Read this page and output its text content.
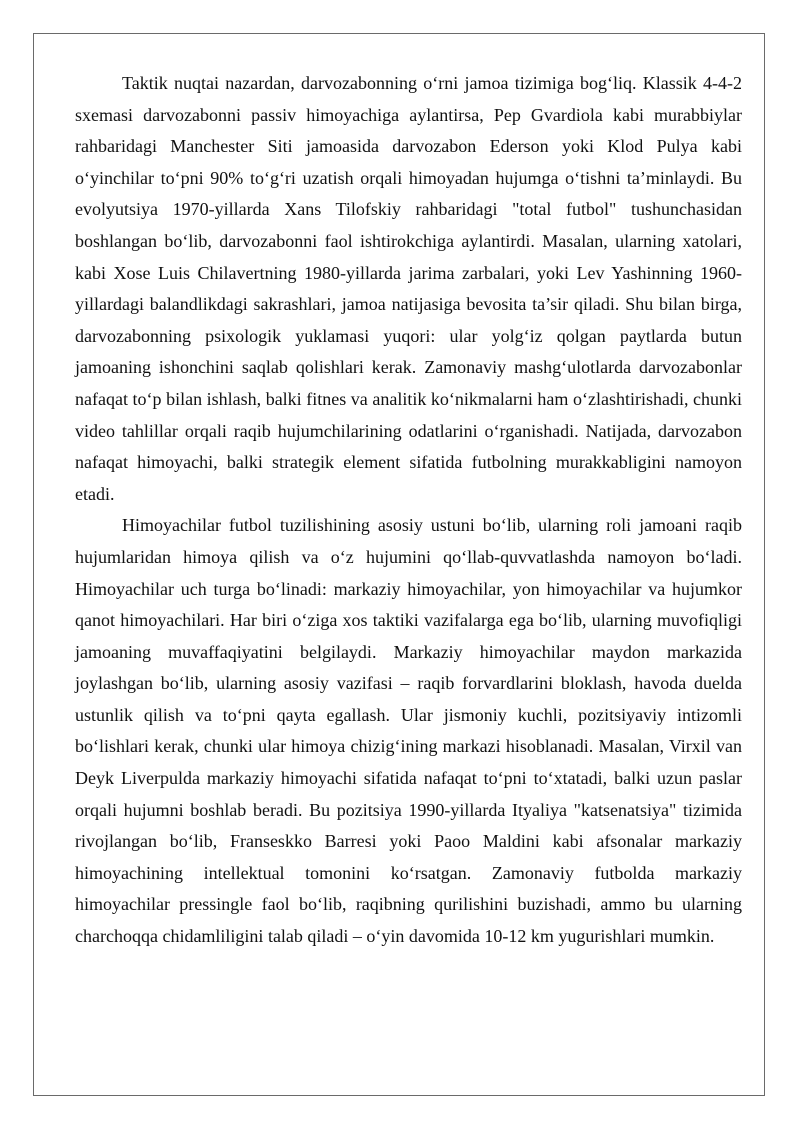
Taktik nuqtai nazardan, darvozabonning o‘rni jamoa tizimiga bog‘liq. Klassik 4-4-2 sxemasi darvozabonni passiv himoyachiga aylantirsa, Pep Gvardiola kabi murabbiylar rahbaridagi Manchester Siti jamoasida darvozabon Ederson yoki Klod Pulya kabi o‘yinchilar to‘pni 90% to‘g‘ri uzatish orqali himoyadan hujumga o‘tishni ta’minlaydi. Bu evolyutsiya 1970-yillarda Xans Tilofskiy rahbaridagi "total futbol" tushunchasidan boshlangan bo‘lib, darvozabonni faol ishtirokchiga aylantirdi. Masalan, ularning xatolari, kabi Xose Luis Chilavertning 1980-yillarda jarima zarbalari, yoki Lev Yashinning 1960-yillardagi balandlikdagi sakrashlari, jamoa natijasiga bevosita ta’sir qiladi. Shu bilan birga, darvozabonning psixologik yuklamasi yuqori: ular yolg‘iz qolgan paytlarda butun jamoaning ishonchini saqlab qolishlari kerak. Zamonaviy mashg‘ulotlarda darvozabonlar nafaqat to‘p bilan ishlash, balki fitnes va analitik ko‘nikmalarni ham o‘zlashtirishadi, chunki video tahlillar orqali raqib hujumchilarining odatlarini o‘rganishadi. Natijada, darvozabon nafaqat himoyachi, balki strategik element sifatida futbolning murakkabligini namoyon etadi.

Himoyachilar futbol tuzilishining asosiy ustuni bo‘lib, ularning roli jamoani raqib hujumlaridan himoya qilish va o‘z hujumini qo‘llab-quvvatlashda namoyon bo‘ladi. Himoyachilar uch turga bo‘linadi: markaziy himoyachilar, yon himoyachilar va hujumkor qanot himoyachilari. Har biri o‘ziga xos taktiki vazifalarga ega bo‘lib, ularning muvofiqligi jamoaning muvaffaqiyatini belgilaydi. Markaziy himoyachilar maydon markazida joylashgan bo‘lib, ularning asosiy vazifasi – raqib forvardlarini bloklash, havoda duelda ustunlik qilish va to‘pni qayta egallash. Ular jismoniy kuchli, pozitsiyaviy intizomli bo‘lishlari kerak, chunki ular himoya chizig‘ining markazi hisoblanadi. Masalan, Virxil van Deyk Liverpulda markaziy himoyachi sifatida nafaqat to‘pni to‘xtatadi, balki uzun paslar orqali hujumni boshlab beradi. Bu pozitsiya 1990-yillarda Ityaliya "katsenatsiya" tizimida rivojlangan bo‘lib, Franseskko Barresi yoki Paoo Maldini kabi afsonalar markaziy himoyachining intellektual tomonini ko‘rsatgan. Zamonaviy futbolda markaziy himoyachilar pressingle faol bo‘lib, raqibning qurilishini buzishadi, ammo bu ularning charchoqqa chidamliligini talab qiladi – o‘yin davomida 10-12 km yugurishlari mumkin.
